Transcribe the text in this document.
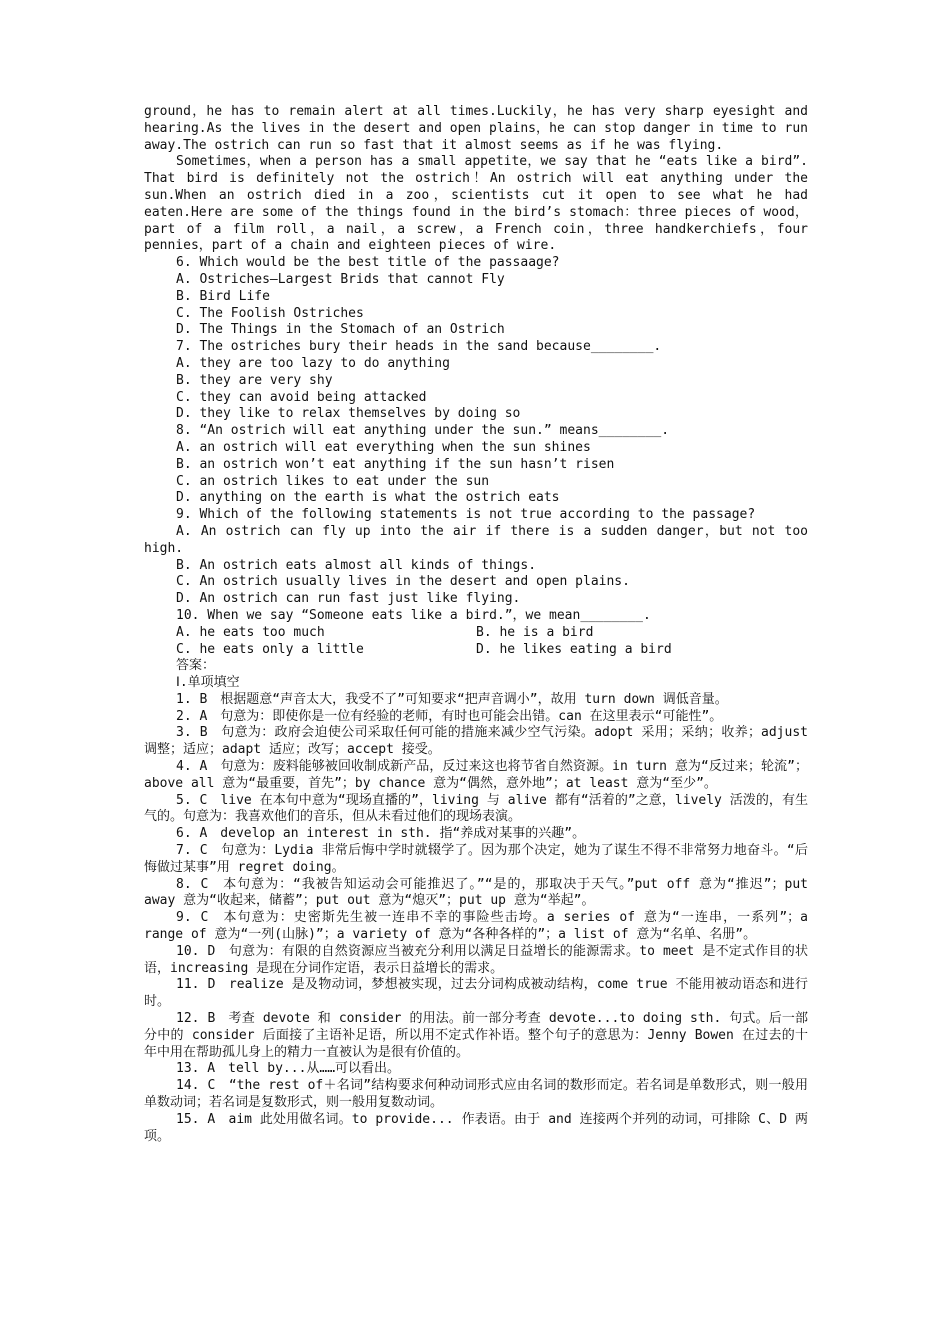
ground，he has to remain alert at all times.Luckily，he has very sharp eyesight and hearing.As the lives in the desert and open plains，he can stop danger in time to run away.The ostrich can run so fast that it almost seems as if he was flying.

Sometimes，when a person has a small appetite，we say that he “eats like a bird”. That bird is definitely not the ostrich！An ostrich will eat anything under the sun.When an ostrich died in a zoo，scientists cut it open to see what he had eaten.Here are some of the things found in the bird’s stomach：three pieces of wood，part of a film roll，a nail，a screw，a French coin，three handkerchiefs，four pennies，part of a chain and eighteen pieces of wire.

6. Which would be the best title of the passaage?

A. Ostriches—Largest Brids that cannot Fly

B. Bird Life

C. The Foolish Ostriches

D. The Things in the Stomach of an Ostrich

7. The ostriches bury their heads in the sand because________.

A. they are too lazy to do anything

B. they are very shy

C. they can avoid being attacked

D. they like to relax themselves by doing so

8. “An ostrich will eat anything under the sun.” means________.

A. an ostrich will eat everything when the sun shines

B. an ostrich won’t eat anything if the sun hasn’t risen

C. an ostrich likes to eat under the sun

D. anything on the earth is what the ostrich eats

9. Which of the following statements is not true according to the passage?

A. An ostrich can fly up into the air if there is a sudden danger，but not too high.

B. An ostrich eats almost all kinds of things.

C. An ostrich usually lives in the desert and open plains.

D. An ostrich can run fast just like flying.

10. When we say “Someone eats like a bird.”，we mean________.

A. he eats too much	B. he is a bird
C. he eats only a little	D. he likes eating a bird

答案：

Ⅰ.单项填空

1. B　根据题意“声音太大，我受不了”可知要求“把声音调小”，故用 turn down 调低音量。

2. A　句意为：即使你是一位有经验的老师，有时也可能会出错。can 在这里表示“可能性”。

3. B　句意为：政府会迫使公司采取任何可能的措施来减少空气污染。adopt 采用；采纳；收养；adjust 调整；适应；adapt 适应；改写；accept 接受。

4. A　句意为：废料能够被回收制成新产品，反过来这也将节省自然资源。in turn 意为“反过来；轮流”；above all 意为“最重要，首先”；by chance 意为“偶然，意外地”；at least 意为“至少”。

5. C　live 在本句中意为“现场直播的”，living 与 alive 都有“活着的”之意，lively 活泼的，有生气的。句意为：我喜欢他们的音乐，但从未看过他们的现场表演。

6. A　develop an interest in sth. 指“养成对某事的兴趣”。

7. C　句意为：Lydia 非常后悔中学时就辍学了。因为那个决定，她为了谋生不得不非常努力地奋斗。“后悔做过某事”用 regret doing。

8. C　本句意为：“我被告知运动会可能推迟了。”“是的，那取决于天气。”put off 意为“推迟”；put away 意为“收起来，储蓄”；put out 意为“熄灭”；put up 意为“举起”。

9. C　本句意为：史密斯先生被一连串不幸的事险些击垮。a series of 意为“一连串，一系列”；a range of 意为“一列(山脉)”；a variety of 意为“各种各样的”；a list of 意为“名单、名册”。

10. D　句意为：有限的自然资源应当被充分利用以满足日益增长的能源需求。to meet 是不定式作目的状语，increasing 是现在分词作定语，表示日益增长的需求。

11. D　realize 是及物动词，梦想被实现，过去分词构成被动结构，come true 不能用被动语态和进行时。

12. B　考查 devote 和 consider 的用法。前一部分考查 devote...to doing sth. 句式。后一部分中的 consider 后面接了主语补足语，所以用不定式作补语。整个句子的意思为：Jenny Bowen 在过去的十年中用在帮助孤儿身上的精力一直被认为是很有价值的。

13. A　tell by...从……可以看出。

14. C　“the rest of＋名词”结构要求何种动词形式应由名词的数形而定。若名词是单数形式，则一般用单数动词；若名词是复数形式，则一般用复数动词。

15. A　aim 此处用做名词。to provide... 作表语。由于 and 连接两个并列的动词，可排除 C、D 两项。
